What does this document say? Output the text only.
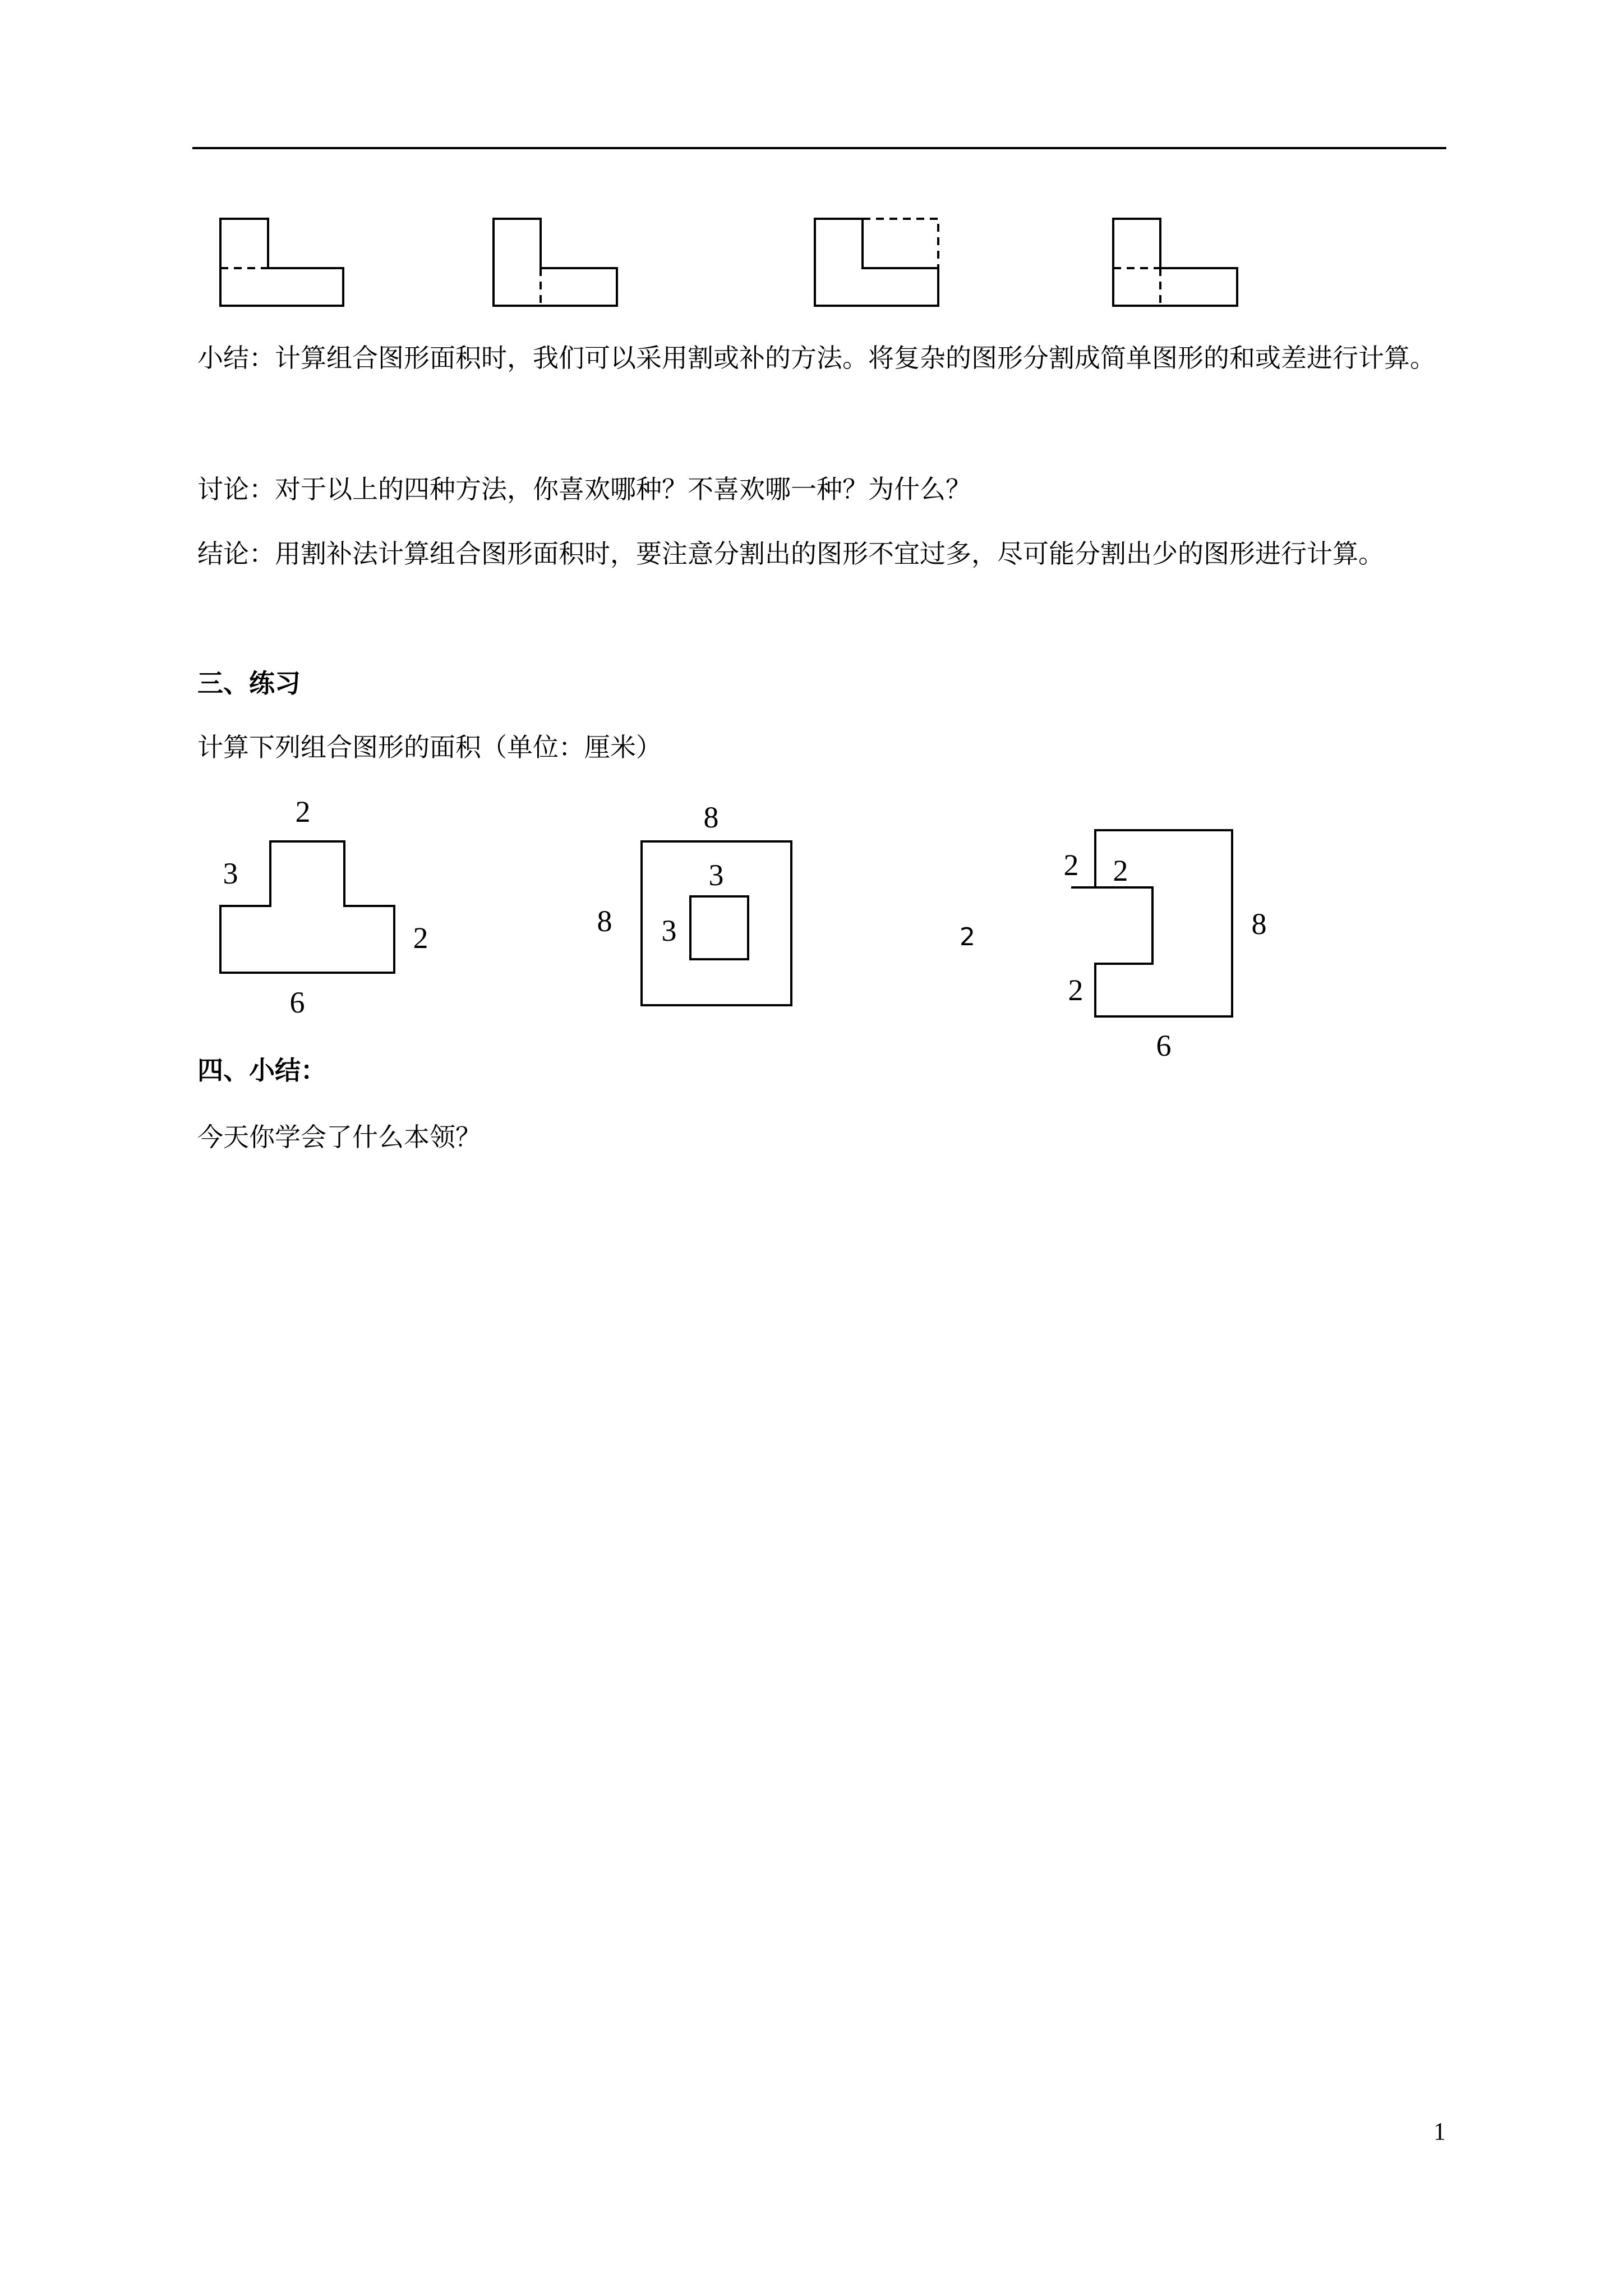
小结：计算组合图形面积时，我们可以采用割或补的方法。将复杂的图形分割成简单图形的和或差进行计算。

讨论：对于以上的四种方法，你喜欢哪种？不喜欢哪一种？为什么？

结论：用割补法计算组合图形面积时，要注意分割出的图形不宜过多，尽可能分割出少的图形进行计算。

三、练习

计算下列组合图形的面积（单位：厘米）

2
3
2
6
8
8
3
3
2 2
2
2
8
6

四、小结：

今天你学会了什么本领？

1
